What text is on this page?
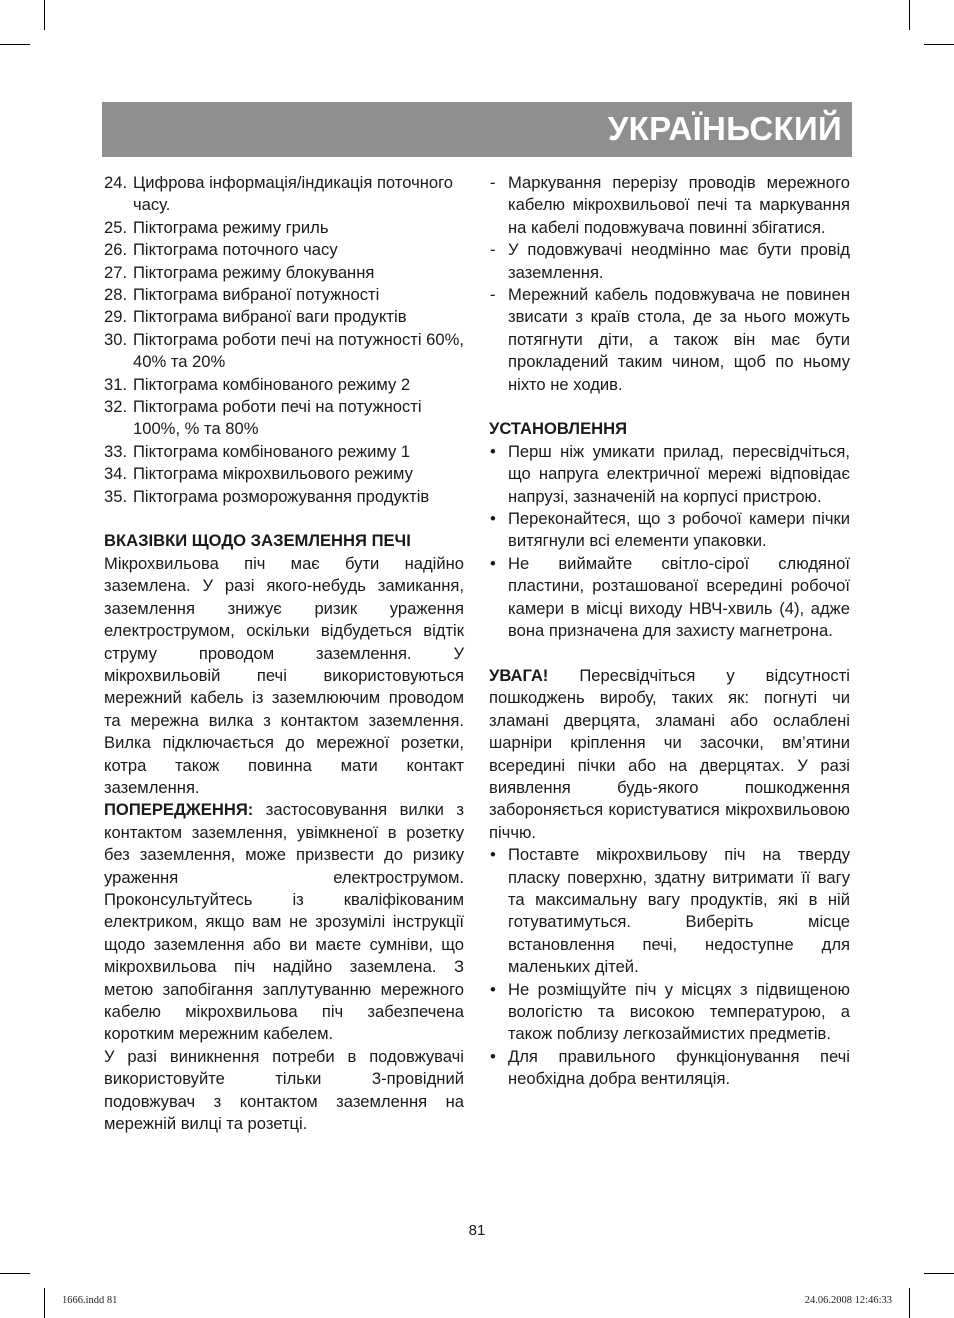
УКРАЇНЬСКИЙ
24. Цифрова інформація/індикація поточного часу.
25. Піктограма режиму гриль
26. Піктограма поточного часу
27. Піктограма режиму блокування
28. Піктограма вибраної потужності
29. Піктограма вибраної ваги продуктів
30. Піктограма роботи печі на потужності 60%, 40% та 20%
31. Піктограма комбінованого режиму 2
32. Піктограма роботи печі на потужності 100%, % та 80%
33. Піктограма комбінованого режиму 1
34. Піктограма мікрохвильового режиму
35. Піктограма розморожування продуктів
ВКАЗІВКИ ЩОДО ЗАЗЕМЛЕННЯ ПЕЧІ
Мікрохвильова піч має бути надійно заземлена. У разі якого-небудь замикання, заземлення знижує ризик ураження електрострумом, оскільки відбудеться відтік струму проводом заземлення. У мікрохвильовій печі використовуються мережний кабель із заземлюючим проводом та мережна вилка з контактом заземлення. Вилка підключається до мережної розетки, котра також повинна мати контакт заземлення.
ПОПЕРЕДЖЕННЯ: застосовування вилки з контактом заземлення, увімкненої в розетку без заземлення, може призвести до ризику ураження електрострумом. Проконсультуйтесь із кваліфікованим електриком, якщо вам не зрозумілі інструкції щодо заземлення або ви маєте сумніви, що мікрохвильова піч надійно заземлена. З метою запобігання заплутуванню мережного кабелю мікрохвильова піч забезпечена коротким мережним кабелем.
У разі виникнення потреби в подовжувачі використовуйте тільки 3-провідний подовжувач з контактом заземлення на мережній вилці та розетці.
- Маркування перерізу проводів мережного кабелю мікрохвильової печі та маркування на кабелі подовжувача повинні збігатися.
- У подовжувачі неодмінно має бути провід заземлення.
- Мережний кабель подовжувача не повинен звисати з країв стола, де за нього можуть потягнути діти, а також він має бути прокладений таким чином, щоб по ньому ніхто не ходив.
УСТАНОВЛЕННЯ
• Перш ніж умикати прилад, пересвідчіться, що напруга електричної мережі відповідає напрузі, зазначеній на корпусі пристрою.
• Переконайтеся, що з робочої камери пічки витягнули всі елементи упаковки.
• Не виймайте світло-сірої слюдяної пластини, розташованої всередині робочої камери в місці виходу НВЧ-хвиль (4), адже вона призначена для захисту магнетрона.
УВАГА! Пересвідчіться у відсутності пошкоджень виробу, таких як: погнуті чи зламані дверцята, зламані або ослаблені шарніри кріплення чи засочки, вм’ятини всередині пічки або на дверцятах. У разі виявлення будь-якого пошкодження забороняється користуватися мікрохвильовою піччю.
• Поставте мікрохвильову піч на тверду пласку поверхню, здатну витримати її вагу та максимальну вагу продуктів, які в ній готуватимуться. Виберіть місце встановлення печі, недоступне для маленьких дітей.
• Не розміщуйте піч у місцях з підвищеною вологістю та високою температурою, а також поблизу легкозаймистих предметів.
• Для правильного функціонування печі необхідна добра вентиляція.
81
1666.indd 81	24.06.2008 12:46:33
